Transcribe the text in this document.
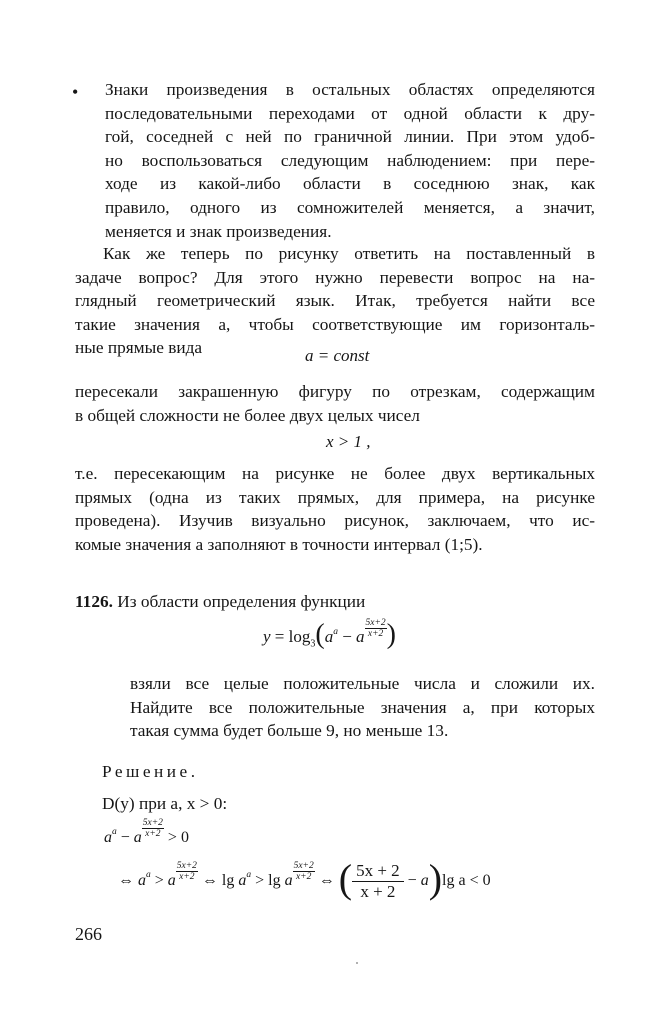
• Знаки произведения в остальных областях определяются
последовательными переходами от одной области к дру-
гой, соседней с ней по граничной линии. При этом удоб-
но воспользоваться следующим наблюдением: при пере-
ходе из какой-либо области в соседнюю знак, как
правило, одного из сомножителей меняется, а значит,
меняется и знак произведения.
Как же теперь по рисунку ответить на поставленный в
задаче вопрос? Для этого нужно перевести вопрос на на-
глядный геометрический язык. Итак, требуется найти все
такие значения a, чтобы соответствующие им горизонталь-
ные прямые вида	a = const
пересекали закрашенную фигуру по отрезкам, содержащим
в общей сложности не более двух целых чисел
x > 1 ,
т.е. пересекающим на рисунке не более двух вертикальных
прямых (одна из таких прямых, для примера, на рисунке
проведена). Изучив визуально рисунок, заключаем, что ис-
комые значения a заполняют в точности интервал (1;5).
1126. Из области определения функции
$y = \log_3(a^a - a \frac{5x+2}{x+2}$ )
взяли все целые положительные числа и сложили их.
Найдите все положительные значения a, при которых
такая сумма будет больше 9, но меньше 13.
Решение.
D(y) при a, x > 0:
$a^a - a \frac{5x+2}{x+2} > 0$
⇔ $a^a > a \frac{5x+2}{x+2}$ ⇔ $\lg a^a > \lg a \frac{5x+2}{x+2}$ ⇔ ( $\frac{5x + 2}{x + 2} - a)\lg$ a < 0
266
